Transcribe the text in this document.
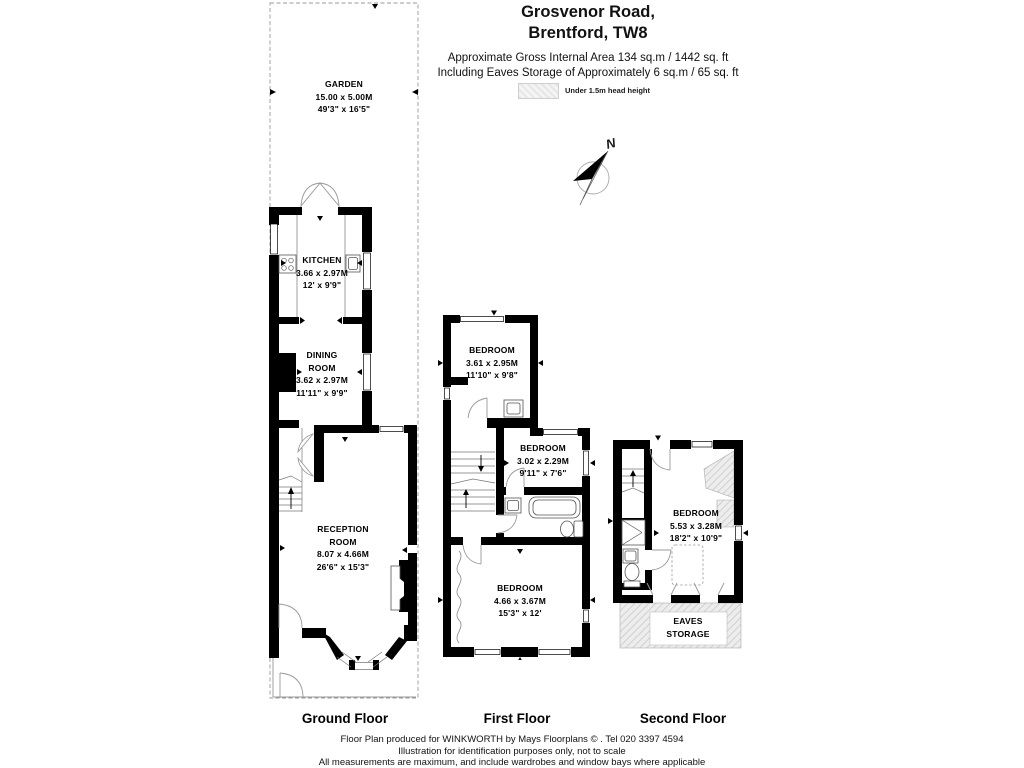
Grosvenor Road,
Brentford, TW8
Approximate Gross Internal Area 134 sq.m / 1442 sq. ft
Including Eaves Storage of Approximately 6 sq.m / 65 sq. ft
Under 1.5m head height
N
GARDEN
15.00 x 5.00M
49'3" x 16'5"
KITCHEN
3.66 x 2.97M
12' x 9'9"
DINING
ROOM
3.62 x 2.97M
11'11" x 9'9"
RECEPTION
ROOM
8.07 x 4.66M
26'6" x 15'3"
BEDROOM
3.61 x 2.95M
11'10" x 9'8"
BEDROOM
3.02 x 2.29M
9'11" x 7'6"
BEDROOM
4.66 x 3.67M
15'3" x 12'
BEDROOM
5.53 x 3.28M
18'2" x 10'9"
EAVES
STORAGE
Ground Floor	First Floor	Second Floor
Floor Plan produced for WINKWORTH by Mays Floorplans © . Tel 020 3397 4594
Illustration for identification purposes only, not to scale
All measurements are maximum, and include wardrobes and window bays where applicable
